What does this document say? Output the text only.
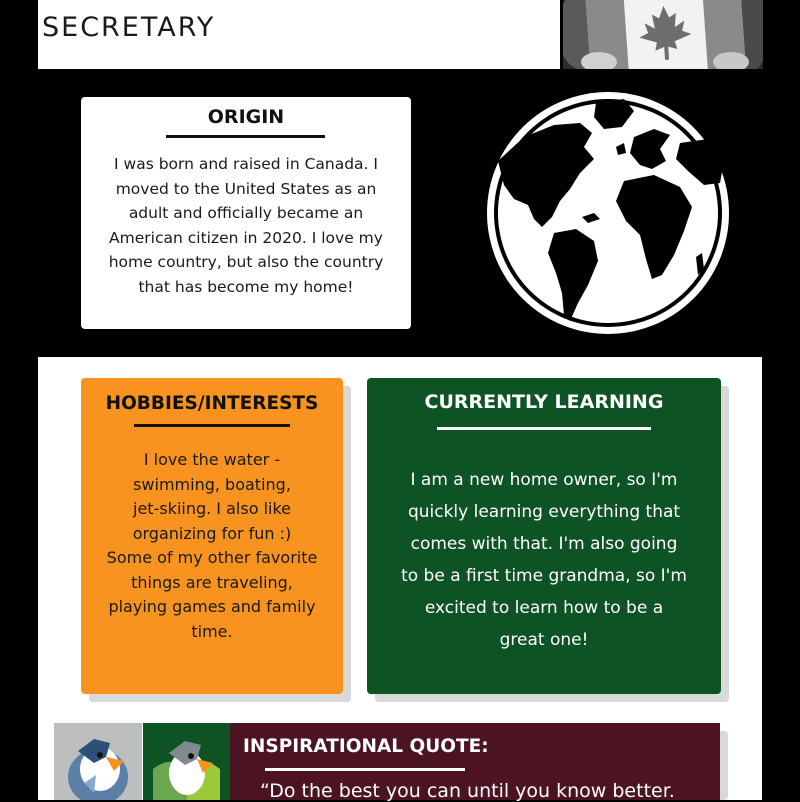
SECRETARY
ORIGIN
I was born and raised in Canada. I
moved to the United States as an
adult and officially became an
American citizen in 2020. I love my
home country, but also the country
that has become my home!
HOBBIES/INTERESTS
I love the water -
swimming, boating,
jet-skiing. I also like
organizing for fun :)
Some of my other favorite
things are traveling,
playing games and family
time.
CURRENTLY LEARNING
I am a new home owner, so I'm
quickly learning everything that
comes with that. I'm also going
to be a first time grandma, so I'm
excited to learn how to be a
great one!
INSPIRATIONAL QUOTE:
“Do the best you can until you know better.
